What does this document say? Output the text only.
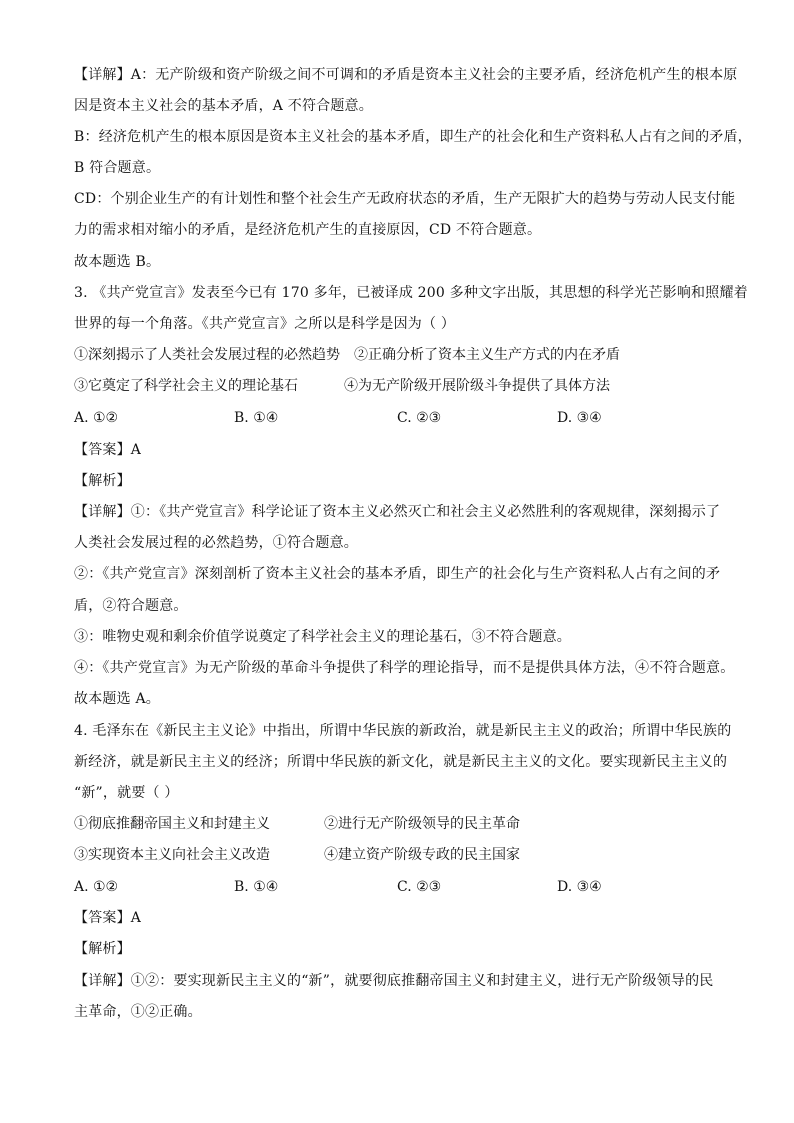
【详解】A：无产阶级和资产阶级之间不可调和的矛盾是资本主义社会的主要矛盾，经济危机产生的根本原
因是资本主义社会的基本矛盾，A 不符合题意。
B：经济危机产生的根本原因是资本主义社会的基本矛盾，即生产的社会化和生产资料私人占有之间的矛盾，
B 符合题意。
CD：个别企业生产的有计划性和整个社会生产无政府状态的矛盾，生产无限扩大的趋势与劳动人民支付能
力的需求相对缩小的矛盾，是经济危机产生的直接原因，CD 不符合题意。
故本题选 B。
3. 《共产党宣言》发表至今已有 170 多年，已被译成 200 多种文字出版，其思想的科学光芒影响和照耀着
世界的每一个角落。《共产党宣言》之所以是科学是因为（ ）
①深刻揭示了人类社会发展过程的必然趋势 ②正确分析了资本主义生产方式的内在矛盾
③它奠定了科学社会主义的理论基石	④为无产阶级开展阶级斗争提供了具体方法
A. ①②	B. ①④	C. ②③	D. ③④
【答案】A
【解析】
【详解】①：《共产党宣言》科学论证了资本主义必然灭亡和社会主义必然胜利的客观规律，深刻揭示了
人类社会发展过程的必然趋势，①符合题意。
②：《共产党宣言》深刻剖析了资本主义社会的基本矛盾，即生产的社会化与生产资料私人占有之间的矛
盾，②符合题意。
③：唯物史观和剩余价值学说奠定了科学社会主义的理论基石，③不符合题意。
④：《共产党宣言》为无产阶级的革命斗争提供了科学的理论指导，而不是提供具体方法，④不符合题意。
故本题选 A。
4. 毛泽东在《新民主主义论》中指出，所谓中华民族的新政治，就是新民主主义的政治；所谓中华民族的
新经济，就是新民主主义的经济；所谓中华民族的新文化，就是新民主主义的文化。要实现新民主主义的
“新”，就要（ ）
①彻底推翻帝国主义和封建主义	②进行无产阶级领导的民主革命
③实现资本主义向社会主义改造	④建立资产阶级专政的民主国家
A. ①②	B. ①④	C. ②③	D. ③④
【答案】A
【解析】
【详解】①②：要实现新民主主义的“新”，就要彻底推翻帝国主义和封建主义，进行无产阶级领导的民
主革命，①②正确。
